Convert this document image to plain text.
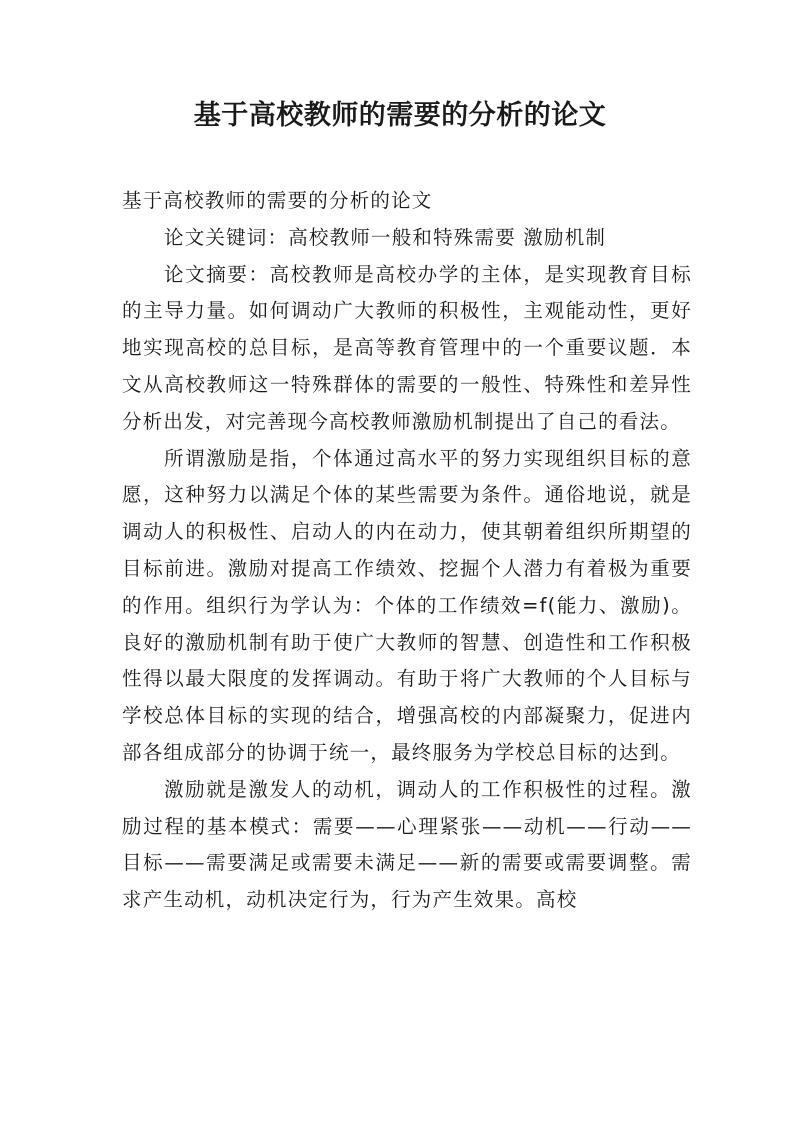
基于高校教师的需要的分析的论文

基于高校教师的需要的分析的论文

论文关键词：高校教师一般和特殊需要 激励机制

论文摘要：高校教师是高校办学的主体，是实现教育目标的主导力量。如何调动广大教师的积极性，主观能动性，更好地实现高校的总目标，是高等教育管理中的一个重要议题．本文从高校教师这一特殊群体的需要的一般性、特殊性和差异性分析出发，对完善现今高校教师激励机制提出了自己的看法。

所谓激励是指，个体通过高水平的努力实现组织目标的意愿，这种努力以满足个体的某些需要为条件。通俗地说，就是调动人的积极性、启动人的内在动力，使其朝着组织所期望的目标前进。激励对提高工作绩效、挖掘个人潜力有着极为重要的作用。组织行为学认为：个体的工作绩效=f(能力、激励)。良好的激励机制有助于使广大教师的智慧、创造性和工作积极性得以最大限度的发挥调动。有助于将广大教师的个人目标与学校总体目标的实现的结合，增强高校的内部凝聚力，促进内部各组成部分的协调于统一，最终服务为学校总目标的达到。

激励就是激发人的动机，调动人的工作积极性的过程。激励过程的基本模式：需要——心理紧张——动机——行动——目标——需要满足或需要未满足——新的需要或需要调整。需求产生动机，动机决定行为，行为产生效果。高校
